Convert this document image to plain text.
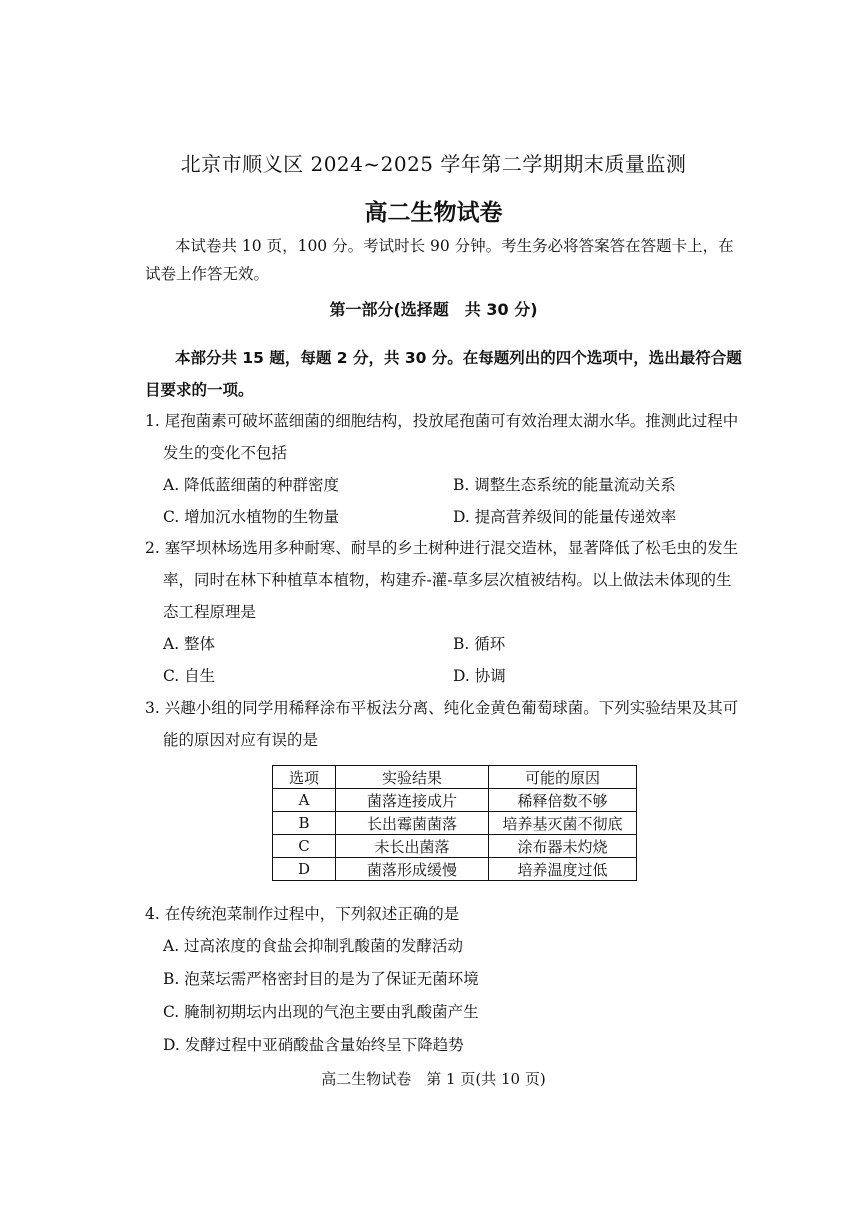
北京市顺义区 2024~2025 学年第二学期期末质量监测
高二生物试卷
本试卷共 10 页，100 分。考试时长 90 分钟。考生务必将答案答在答题卡上，在试卷上作答无效。
第一部分(选择题　共 30 分)
本部分共 15 题，每题 2 分，共 30 分。在每题列出的四个选项中，选出最符合题目要求的一项。
1. 尾孢菌素可破坏蓝细菌的细胞结构，投放尾孢菌可有效治理太湖水华。推测此过程中发生的变化不包括
A. 降低蓝细菌的种群密度	B. 调整生态系统的能量流动关系
C. 增加沉水植物的生物量	D. 提高营养级间的能量传递效率
2. 塞罕坝林场选用多种耐寒、耐旱的乡土树种进行混交造林，显著降低了松毛虫的发生率，同时在林下种植草本植物，构建乔-灌-草多层次植被结构。以上做法未体现的生态工程原理是
A. 整体	B. 循环
C. 自生	D. 协调
3. 兴趣小组的同学用稀释涂布平板法分离、纯化金黄色葡萄球菌。下列实验结果及其可能的原因对应有误的是
选项	实验结果	可能的原因
A	菌落连接成片	稀释倍数不够
B	长出霉菌菌落	培养基灭菌不彻底
C	未长出菌落	涂布器未灼烧
D	菌落形成缓慢	培养温度过低
4. 在传统泡菜制作过程中，下列叙述正确的是
A. 过高浓度的食盐会抑制乳酸菌的发酵活动
B. 泡菜坛需严格密封目的是为了保证无菌环境
C. 腌制初期坛内出现的气泡主要由乳酸菌产生
D. 发酵过程中亚硝酸盐含量始终呈下降趋势
高二生物试卷　第 1 页(共 10 页)
